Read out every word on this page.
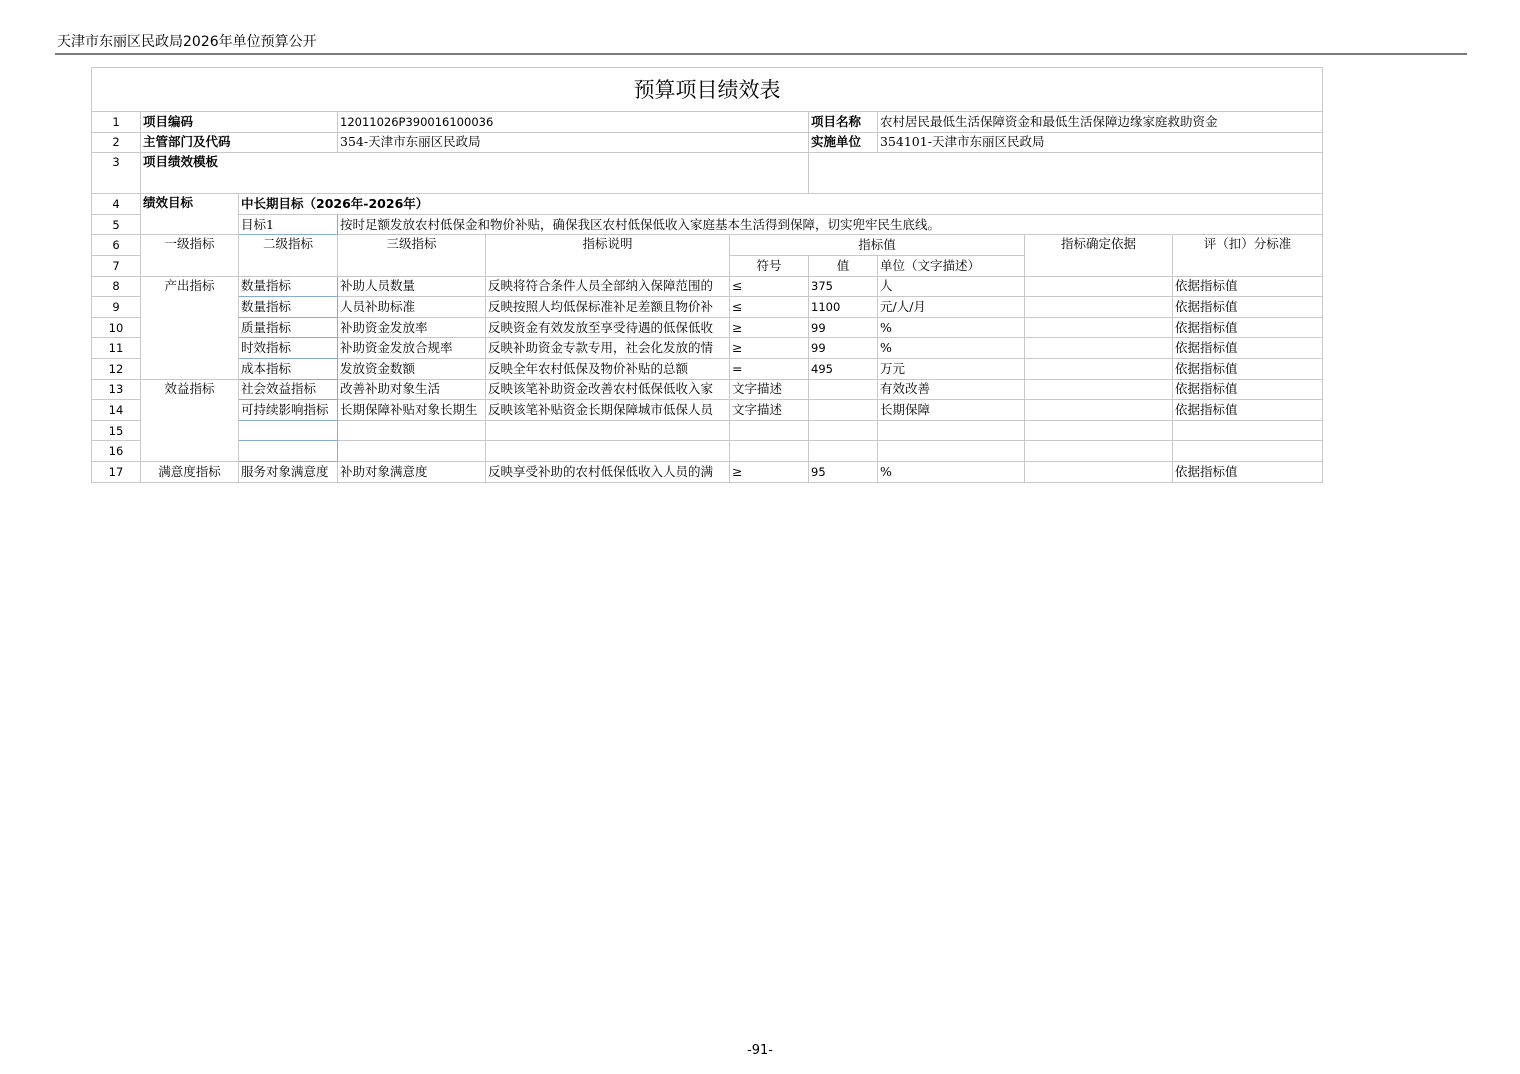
天津市东丽区民政局2026年单位预算公开
预算项目绩效表									
1	项目编码		12011026P390016100036			项目名称	农村居民最低生活保障资金和最低生活保障边缘家庭救助资金		
2	主管部门及代码		354-天津市东丽区民政局			实施单位	354101-天津市东丽区民政局		
3	项目绩效模板								
4	绩效目标	中长期目标（2026年-2026年）							
5		目标1	按时足额发放农村低保金和物价补贴，确保我区农村低保低收入家庭基本生活得到保障，切实兜牢民生底线。						
6	一级指标	二级指标	三级指标	指标说明	指标值			指标确定依据	评（扣）分标准
7					符号	值	单位（文字描述）		
8	产出指标	数量指标	补助人员数量	反映将符合条件人员全部纳入保障范围的	≤	375	人		依据指标值
9		数量指标	人员补助标准	反映按照人均低保标准补足差额且物价补	≤	1100	元/人/月		依据指标值
10		质量指标	补助资金发放率	反映资金有效发放至享受待遇的低保低收	≥	99	%		依据指标值
11		时效指标	补助资金发放合规率	反映补助资金专款专用，社会化发放的情	≥	99	%		依据指标值
12		成本指标	发放资金数额	反映全年农村低保及物价补贴的总额	=	495	万元		依据指标值
13	效益指标	社会效益指标	改善补助对象生活	反映该笔补助资金改善农村低保低收入家	文字描述		有效改善		依据指标值
14		可持续影响指标	长期保障补贴对象长期生	反映该笔补贴资金长期保障城市低保人员	文字描述		长期保障		依据指标值
15									
16									
17	满意度指标	服务对象满意度	补助对象满意度	反映享受补助的农村低保低收入人员的满	≥	95	%		依据指标值
-91-
